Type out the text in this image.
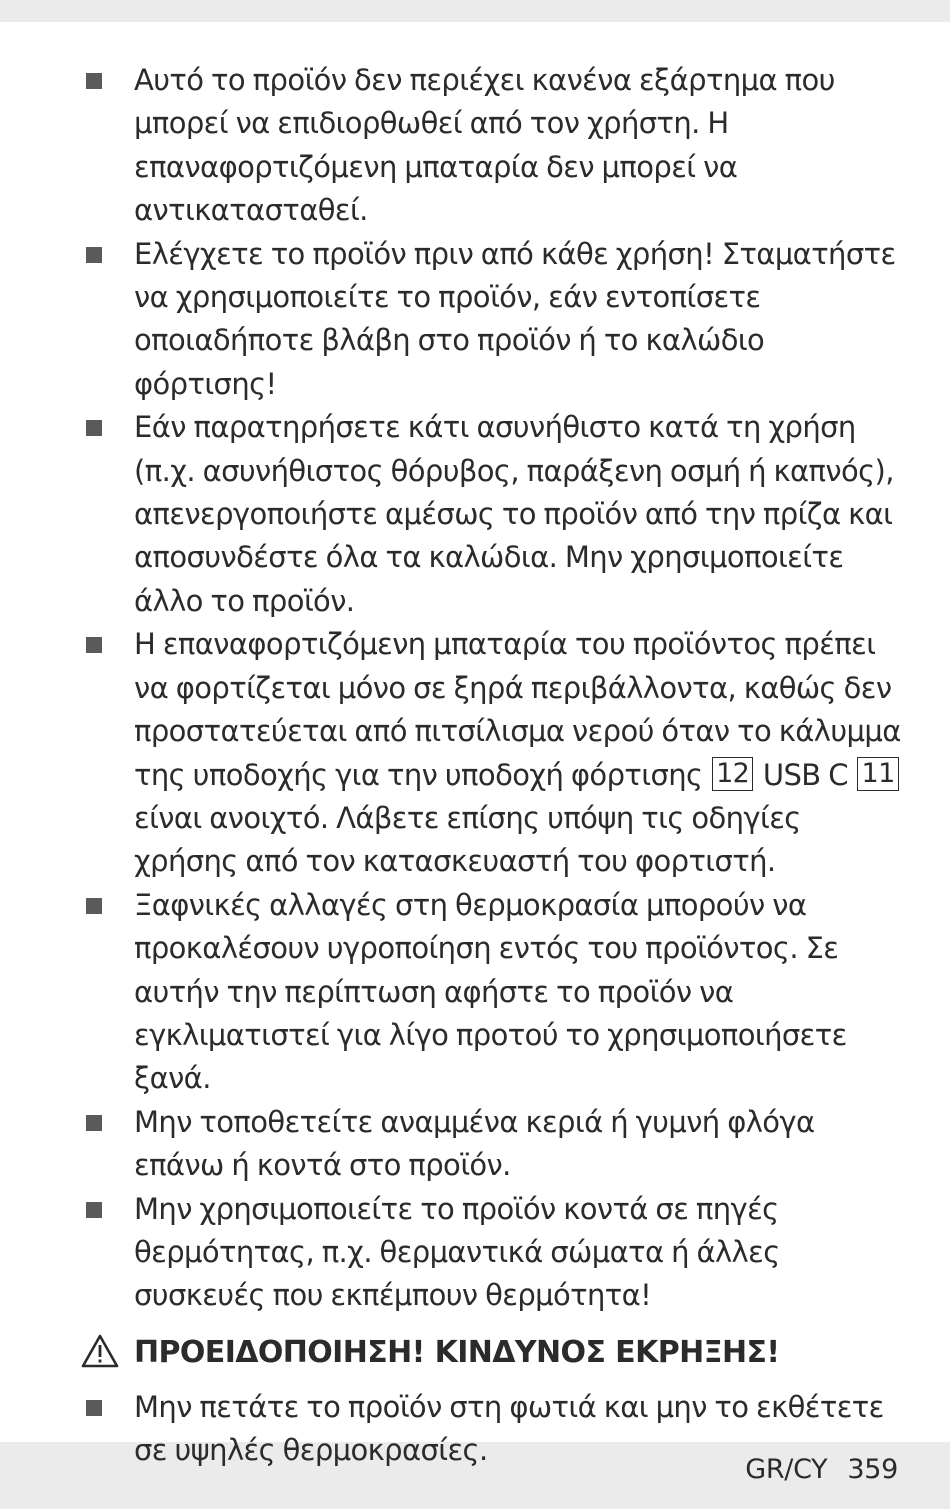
Αυτό το προϊόν δεν περιέχει κανένα εξάρτημα που μπορεί να επιδιορθωθεί από τον χρήστη. Η επαναφορτιζόμενη μπαταρία δεν μπορεί να αντικατασταθεί.
Ελέγχετε το προϊόν πριν από κάθε χρήση! Σταματήστε να χρησιμοποιείτε το προϊόν, εάν εντοπίσετε οποιαδήποτε βλάβη στο προϊόν ή το καλώδιο φόρτισης!
Εάν παρατηρήσετε κάτι ασυνήθιστο κατά τη χρήση (π.χ. ασυνήθιστος θόρυβος, παράξενη οσμή ή καπνός), απενεργοποιήστε αμέσως το προϊόν από την πρίζα και αποσυνδέστε όλα τα καλώδια. Μην χρησιμοποιείτε άλλο το προϊόν.
Η επαναφορτιζόμενη μπαταρία του προϊόντος πρέπει να φορτίζεται μόνο σε ξηρά περιβάλλοντα, καθώς δεν προστατεύεται από πιτσίλισμα νερού όταν το κάλυμμα της υποδοχής για την υποδοχή φόρτισης 12 USB C 11 είναι ανοιχτό. Λάβετε επίσης υπόψη τις οδηγίες χρήσης από τον κατασκευαστή του φορτιστή.
Ξαφνικές αλλαγές στη θερμοκρασία μπορούν να προκαλέσουν υγροποίηση εντός του προϊόντος. Σε αυτήν την περίπτωση αφήστε το προϊόν να εγκλιματιστεί για λίγο προτού το χρησιμοποιήσετε ξανά.
Μην τοποθετείτε αναμμένα κεριά ή γυμνή φλόγα επάνω ή κοντά στο προϊόν.
Μην χρησιμοποιείτε το προϊόν κοντά σε πηγές θερμότητας, π.χ. θερμαντικά σώματα ή άλλες συσκευές που εκπέμπουν θερμότητα!
ΠΡΟΕΙΔΟΠΟΙΗΣΗ! ΚΙΝΔΥΝΟΣ ΕΚΡΗΞΗΣ!
Μην πετάτε το προϊόν στη φωτιά και μην το εκθέτετε σε υψηλές θερμοκρασίες.
GR/CY 359
